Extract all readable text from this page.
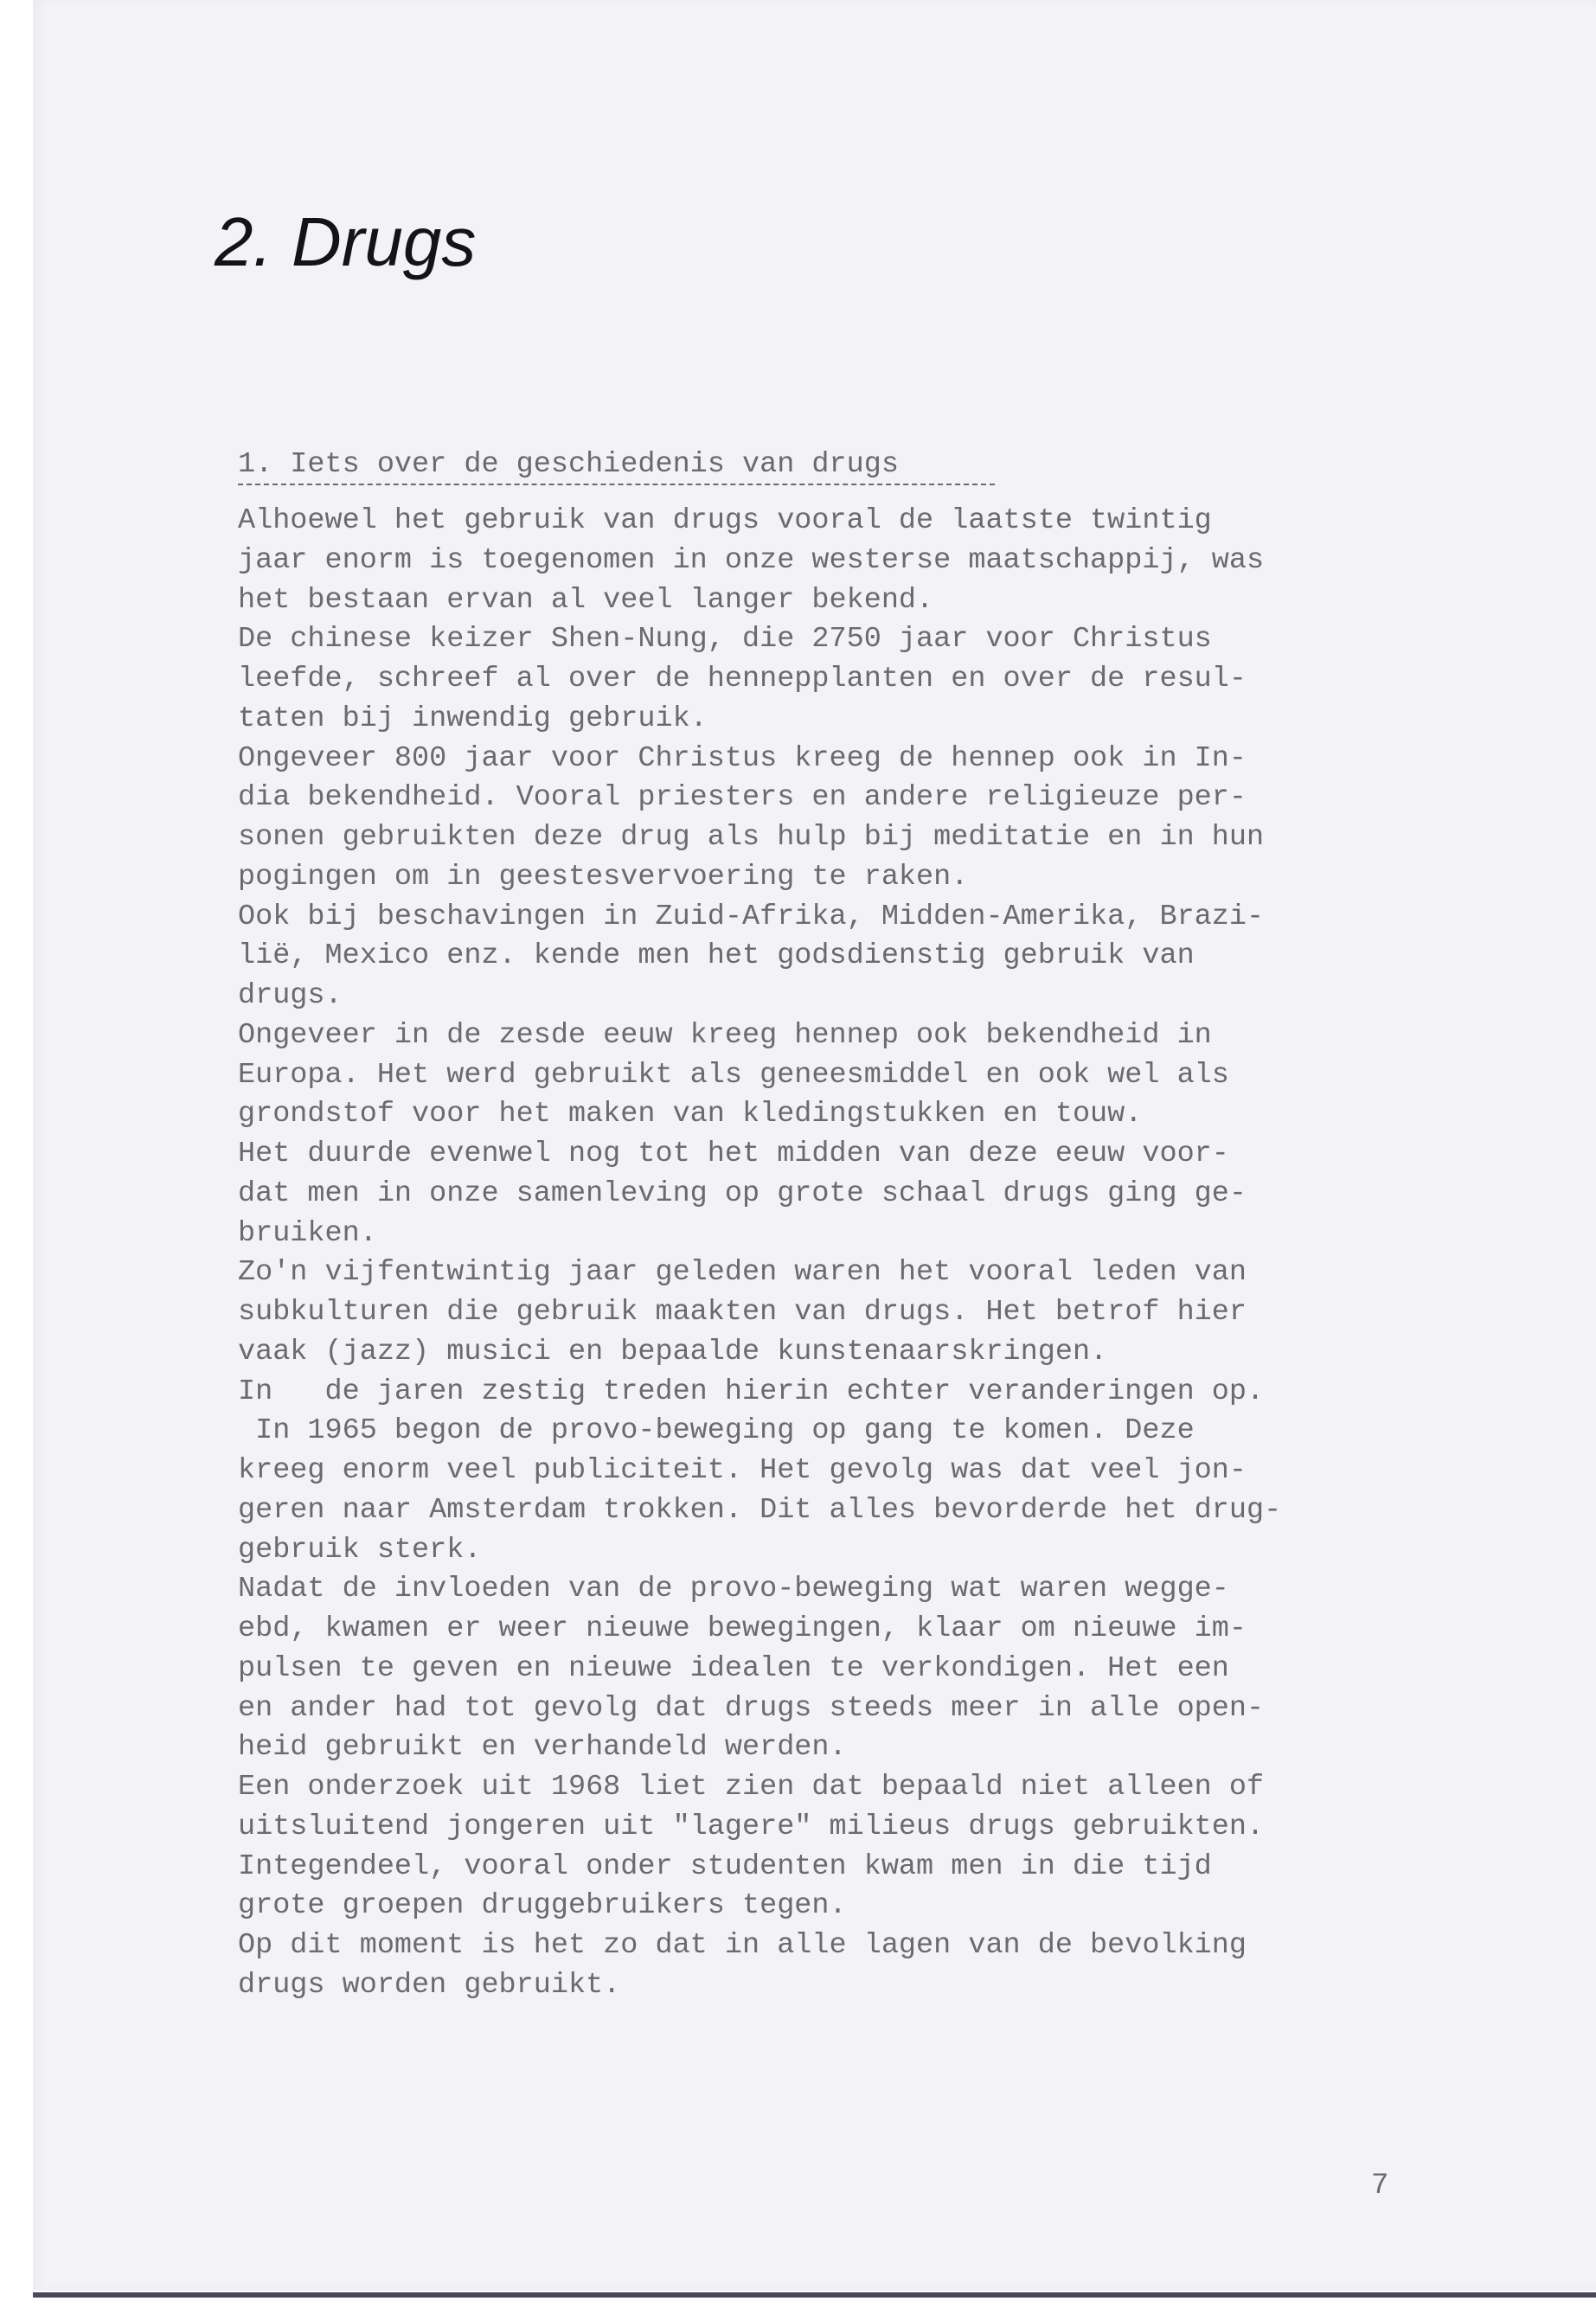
2. Drugs
1. Iets over de geschiedenis van drugs
Alhoewel het gebruik van drugs vooral de laatste twintig
jaar enorm is toegenomen in onze westerse maatschappij, was
het bestaan ervan al veel langer bekend.
De chinese keizer Shen-Nung, die 2750 jaar voor Christus
leefde, schreef al over de hennepplanten en over de resul-
taten bij inwendig gebruik.
Ongeveer 800 jaar voor Christus kreeg de hennep ook in In-
dia bekendheid. Vooral priesters en andere religieuze per-
sonen gebruikten deze drug als hulp bij meditatie en in hun
pogingen om in geestesvervoering te raken.
Ook bij beschavingen in Zuid-Afrika, Midden-Amerika, Brazi-
lië, Mexico enz. kende men het godsdienstig gebruik van
drugs.
Ongeveer in de zesde eeuw kreeg hennep ook bekendheid in
Europa. Het werd gebruikt als geneesmiddel en ook wel als
grondstof voor het maken van kledingstukken en touw.
Het duurde evenwel nog tot het midden van deze eeuw voor-
dat men in onze samenleving op grote schaal drugs ging ge-
bruiken.
Zo'n vijfentwintig jaar geleden waren het vooral leden van
subkulturen die gebruik maakten van drugs. Het betrof hier
vaak (jazz) musici en bepaalde kunstenaarskringen.
In   de jaren zestig treden hierin echter veranderingen op.
In 1965 begon de provo-beweging op gang te komen. Deze
kreeg enorm veel publiciteit. Het gevolg was dat veel jon-
geren naar Amsterdam trokken. Dit alles bevorderde het drug-
gebruik sterk.
Nadat de invloeden van de provo-beweging wat waren wegge-
ebd, kwamen er weer nieuwe bewegingen, klaar om nieuwe im-
pulsen te geven en nieuwe idealen te verkondigen. Het een
en ander had tot gevolg dat drugs steeds meer in alle open-
heid gebruikt en verhandeld werden.
Een onderzoek uit 1968 liet zien dat bepaald niet alleen of
uitsluitend jongeren uit "lagere" milieus drugs gebruikten.
Integendeel, vooral onder studenten kwam men in die tijd
grote groepen druggebruikers tegen.
Op dit moment is het zo dat in alle lagen van de bevolking
drugs worden gebruikt.
7
